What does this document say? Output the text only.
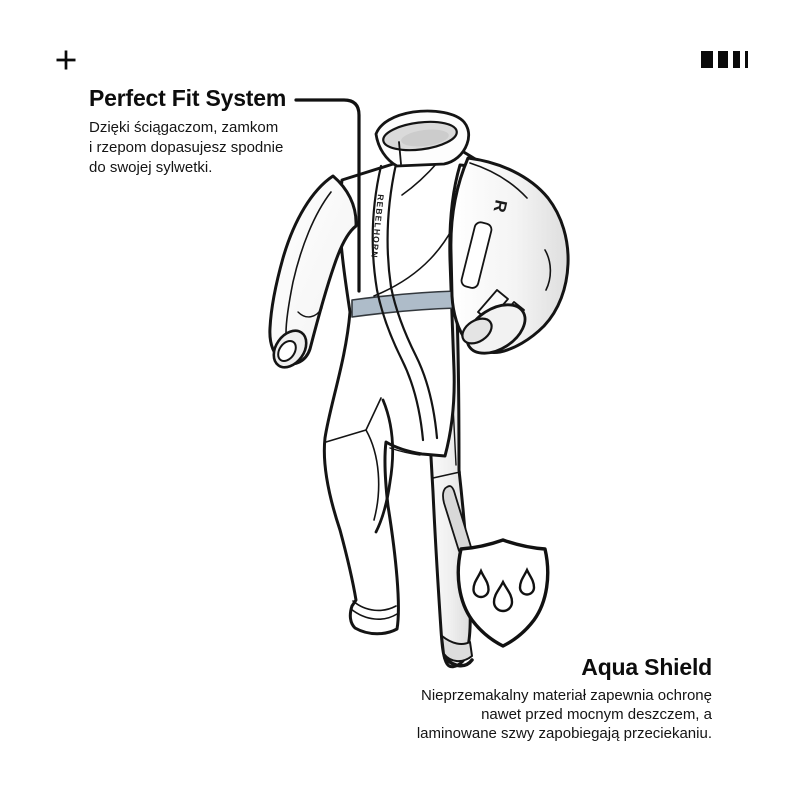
Perfect Fit System
Dzięki ściągaczom, zamkom
i rzepom dopasujesz spodnie
do swojej sylwetki.
Aqua Shield
Nieprzemakalny materiał zapewnia ochronę
nawet przed mocnym deszczem, a
laminowane szwy zapobiegają przeciekaniu.
REBELHORN	R
